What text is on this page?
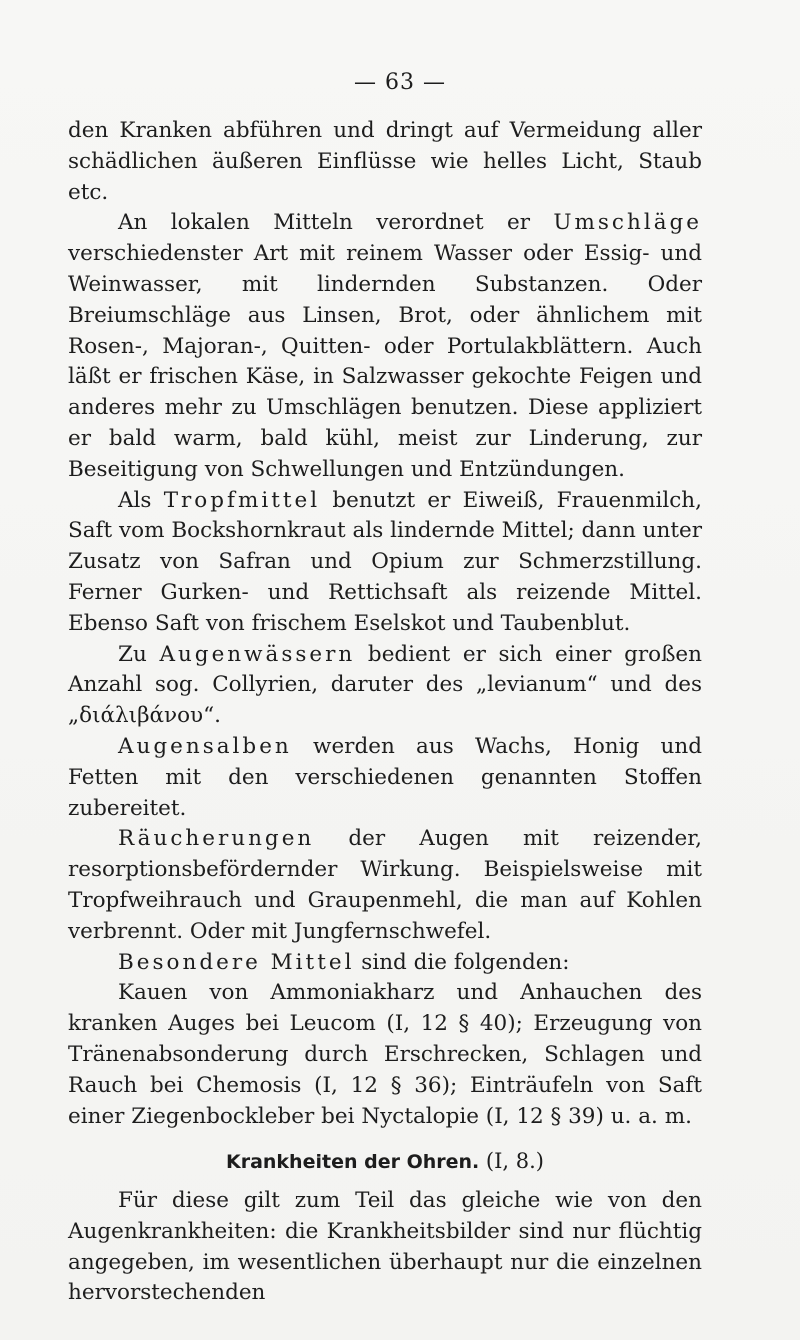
— 63 —

den Kranken abführen und dringt auf Vermeidung aller schädlichen äußeren Einflüsse wie helles Licht, Staub etc.

An lokalen Mitteln verordnet er Umschläge verschiedenster Art mit reinem Wasser oder Essig- und Weinwasser, mit lindernden Substanzen. Oder Breiumschläge aus Linsen, Brot, oder ähnlichem mit Rosen-, Majoran-, Quitten- oder Portulakblättern. Auch läßt er frischen Käse, in Salzwasser gekochte Feigen und anderes mehr zu Umschlägen benutzen. Diese appliziert er bald warm, bald kühl, meist zur Linderung, zur Beseitigung von Schwellungen und Entzündungen.

Als Tropfmittel benutzt er Eiweiß, Frauenmilch, Saft vom Bockshornkraut als lindernde Mittel; dann unter Zusatz von Safran und Opium zur Schmerzstillung. Ferner Gurken- und Rettichsaft als reizende Mittel. Ebenso Saft von frischem Eselskot und Taubenblut.

Zu Augenwässern bedient er sich einer großen Anzahl sog. Collyrien, daruter des „levianum“ und des „διάλιβάνου“.

Augensalben werden aus Wachs, Honig und Fetten mit den verschiedenen genannten Stoffen zubereitet.

Räucherungen der Augen mit reizender, resorptionsbefördernder Wirkung. Beispielsweise mit Tropfweihrauch und Graupenmehl, die man auf Kohlen verbrennt. Oder mit Jungfernschwefel.

Besondere Mittel sind die folgenden:

Kauen von Ammoniakharz und Anhauchen des kranken Auges bei Leucom (I, 12 § 40); Erzeugung von Tränenabsonderung durch Erschrecken, Schlagen und Rauch bei Chemosis (I, 12 § 36); Einträufeln von Saft einer Ziegenbockleber bei Nyctalopie (I, 12 § 39) u. a. m.

Krankheiten der Ohren. (I, 8.)

Für diese gilt zum Teil das gleiche wie von den Augenkrankheiten: die Krankheitsbilder sind nur flüchtig angegeben, im wesentlichen überhaupt nur die einzelnen hervorstechenden
